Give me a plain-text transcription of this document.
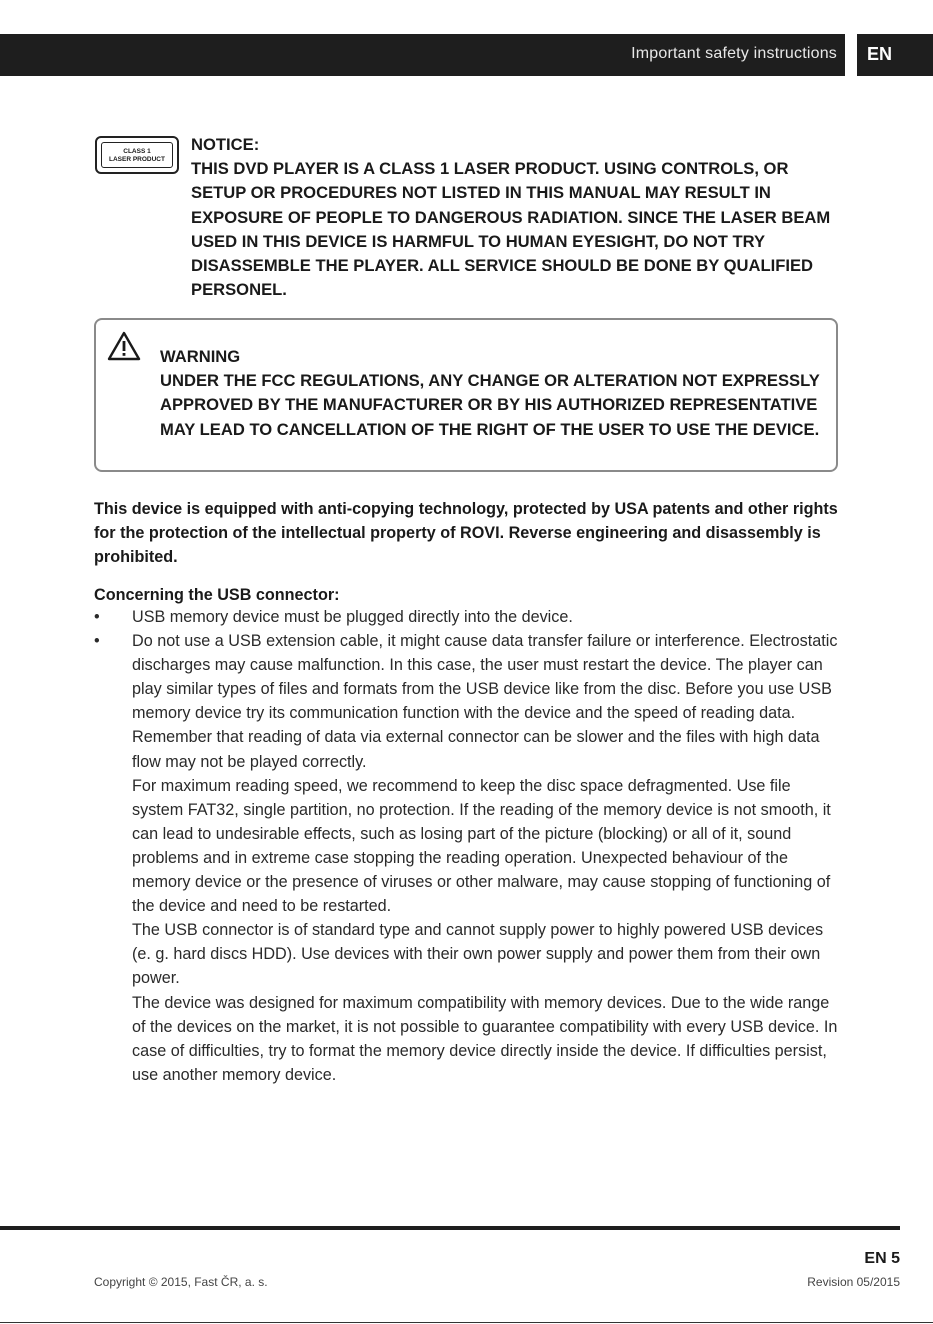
Important safety instructions	EN
CLASS 1
LASER PRODUCT
NOTICE:
THIS DVD PLAYER IS A CLASS 1 LASER PRODUCT. USING CONTROLS, OR SETUP OR PROCEDURES NOT LISTED IN THIS MANUAL MAY RESULT IN EXPOSURE OF PEOPLE TO DANGEROUS RADIATION. SINCE THE LASER BEAM USED IN THIS DEVICE IS HARMFUL TO HUMAN EYESIGHT, DO NOT TRY DISASSEMBLE THE PLAYER. ALL SERVICE SHOULD BE DONE BY QUALIFIED PERSONEL.
WARNING
UNDER THE FCC REGULATIONS, ANY CHANGE OR ALTERATION NOT EXPRESSLY APPROVED BY THE MANUFACTURER OR BY HIS AUTHORIZED REPRESENTATIVE MAY LEAD TO CANCELLATION OF THE RIGHT OF THE USER TO USE THE DEVICE.

This device is equipped with anti-copying technology, protected by USA patents and other rights for the protection of the intellectual property of ROVI. Reverse engineering and disassembly is prohibited.

Concerning the USB connector:
• USB memory device must be plugged directly into the device.

• Do not use a USB extension cable, it might cause data transfer failure or interference. Electrostatic discharges may cause malfunction. In this case, the user must restart the device. The player can play similar types of files and formats from the USB device like from the disc. Before you use USB memory device try its communication function with the device and the speed of reading data. Remember that reading of data via external connector can be slower and the files with high data flow may not be played correctly.

For maximum reading speed, we recommend to keep the disc space defragmented. Use file system FAT32, single partition, no protection. If the reading of the memory device is not smooth, it can lead to undesirable effects, such as losing part of the picture (blocking) or all of it, sound problems and in extreme case stopping the reading operation. Unexpected behaviour of the memory device or the presence of viruses or other malware, may cause stopping of functioning of the device and need to be restarted.

The USB connector is of standard type and cannot supply power to highly powered USB devices (e. g. hard discs HDD). Use devices with their own power supply and power them from their own power.

The device was designed for maximum compatibility with memory devices. Due to the wide range of the devices on the market, it is not possible to guarantee compatibility with every USB device. In case of difficulties, try to format the memory device directly inside the device. If difficulties persist, use another memory device.

EN 5
Copyright © 2015, Fast ČR, a. s.	Revision 05/2015
